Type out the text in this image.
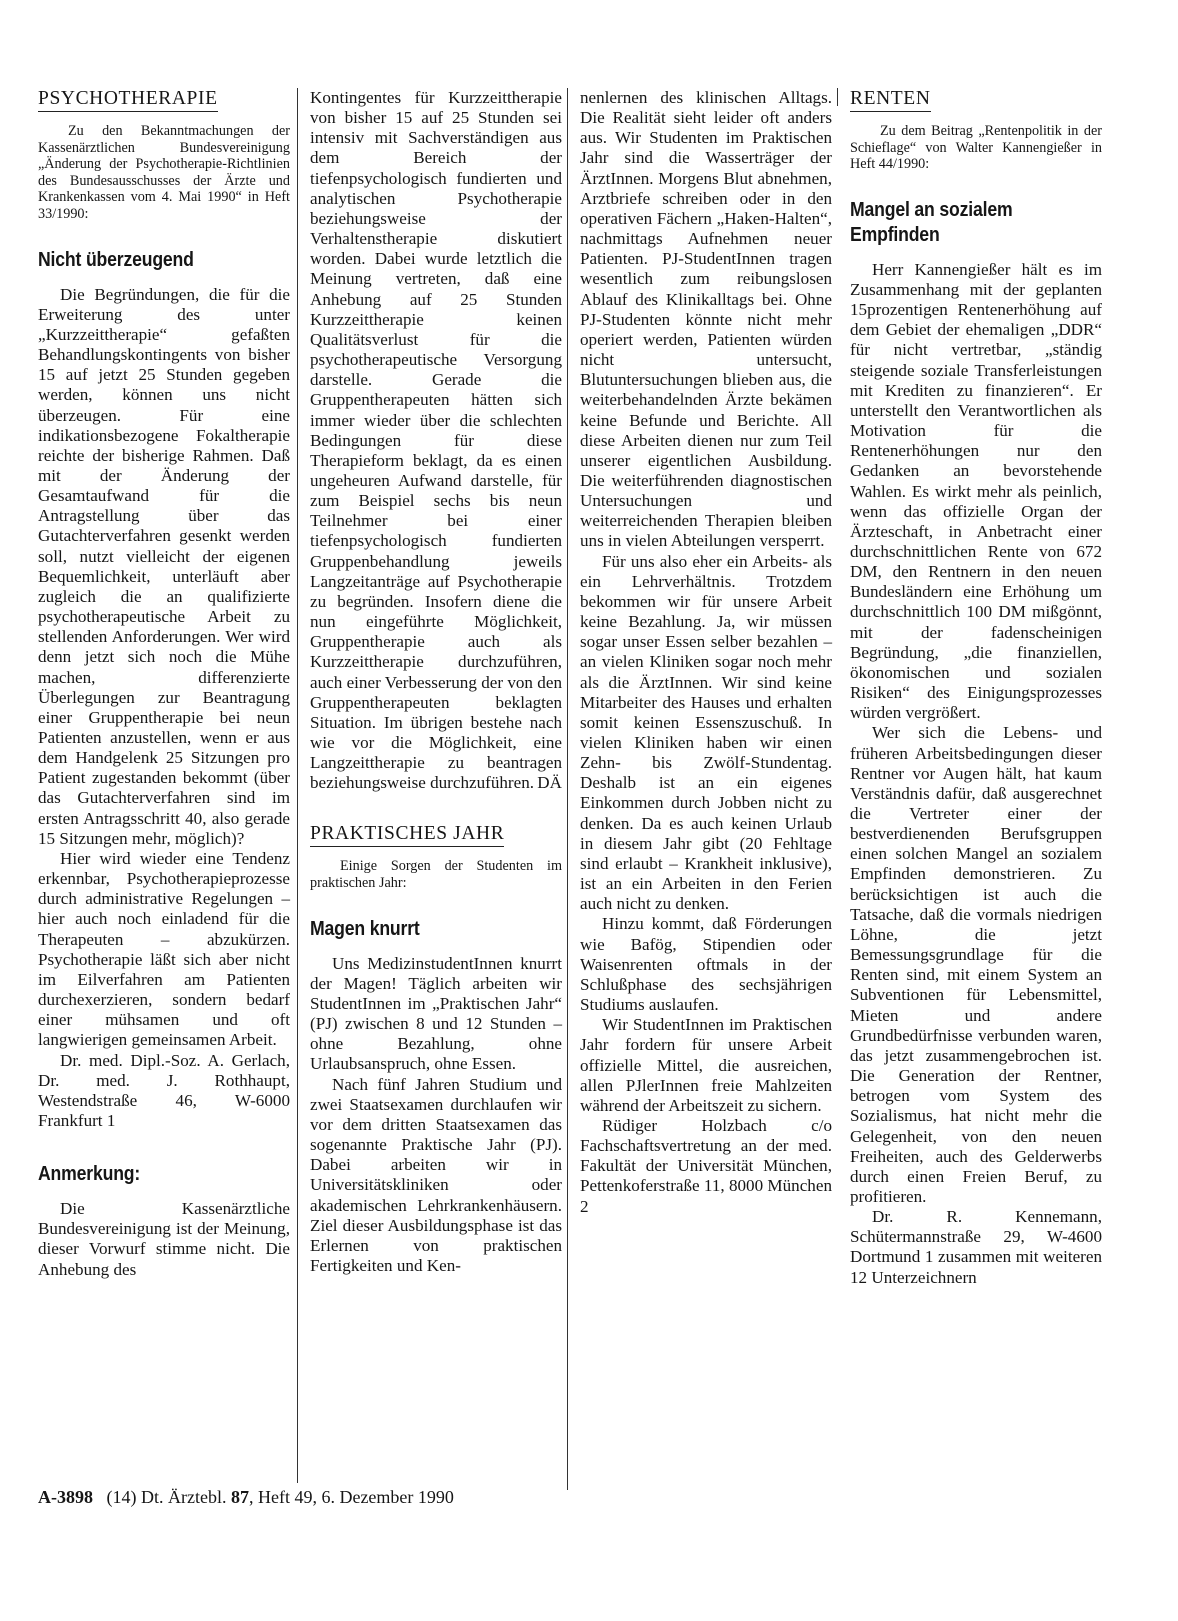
PSYCHOTHERAPIE

Zu den Bekanntmachungen der Kassenärztlichen Bundesvereinigung „Änderung der Psychotherapie-Richtlinien des Bundesausschusses der Ärzte und Krankenkassen vom 4. Mai 1990“ in Heft 33/1990:

Nicht überzeugend

Die Begründungen, die für die Erweiterung des unter „Kurzzeittherapie“ gefaßten Behandlungskontingents von bisher 15 auf jetzt 25 Stunden gegeben werden, können uns nicht überzeugen. Für eine indikationsbezogene Fokaltherapie reichte der bisherige Rahmen. Daß mit der Änderung der Gesamtaufwand für die Antragstellung über das Gutachterverfahren gesenkt werden soll, nutzt vielleicht der eigenen Bequemlichkeit, unterläuft aber zugleich die an qualifizierte psychotherapeutische Arbeit zu stellenden Anforderungen. Wer wird denn jetzt sich noch die Mühe machen, differenzierte Überlegungen zur Beantragung einer Gruppentherapie bei neun Patienten anzustellen, wenn er aus dem Handgelenk 25 Sitzungen pro Patient zugestanden bekommt (über das Gutachterverfahren sind im ersten Antragsschritt 40, also gerade 15 Sitzungen mehr, möglich)?

Hier wird wieder eine Tendenz erkennbar, Psychotherapieprozesse durch administrative Regelungen – hier auch noch einladend für die Therapeuten – abzukürzen. Psychotherapie läßt sich aber nicht im Eilverfahren am Patienten durchexerzieren, sondern bedarf einer mühsamen und oft langwierigen gemeinsamen Arbeit.

Dr. med. Dipl.-Soz. A. Gerlach, Dr. med. J. Rothhaupt, Westendstraße 46, W-6000 Frankfurt 1

Anmerkung:

Die Kassenärztliche Bundesvereinigung ist der Meinung, dieser Vorwurf stimme nicht. Die Anhebung des

Kontingentes für Kurzzeittherapie von bisher 15 auf 25 Stunden sei intensiv mit Sachverständigen aus dem Bereich der tiefenpsychologisch fundierten und analytischen Psychotherapie beziehungsweise der Verhaltenstherapie diskutiert worden. Dabei wurde letztlich die Meinung vertreten, daß eine Anhebung auf 25 Stunden Kurzzeittherapie keinen Qualitätsverlust für die psychotherapeutische Versorgung darstelle. Gerade die Gruppentherapeuten hätten sich immer wieder über die schlechten Bedingungen für diese Therapieform beklagt, da es einen ungeheuren Aufwand darstelle, für zum Beispiel sechs bis neun Teilnehmer bei einer tiefenpsychologisch fundierten Gruppenbehandlung jeweils Langzeitanträge auf Psychotherapie zu begründen. Insofern diene die nun eingeführte Möglichkeit, Gruppentherapie auch als Kurzzeittherapie durchzuführen, auch einer Verbesserung der von den Gruppentherapeuten beklagten Situation. Im übrigen bestehe nach wie vor die Möglichkeit, eine Langzeittherapie zu beantragen beziehungsweise durchzuführen. DÄ
PRAKTISCHES JAHR

Einige Sorgen der Studenten im praktischen Jahr:

Magen knurrt

Uns MedizinstudentInnen knurrt der Magen! Täglich arbeiten wir StudentInnen im „Praktischen Jahr“ (PJ) zwischen 8 und 12 Stunden – ohne Bezahlung, ohne Urlaubsanspruch, ohne Essen.

Nach fünf Jahren Studium und zwei Staatsexamen durchlaufen wir vor dem dritten Staatsexamen das sogenannte Praktische Jahr (PJ). Dabei arbeiten wir in Universitätskliniken oder akademischen Lehrkrankenhäusern. Ziel dieser Ausbildungsphase ist das Erlernen von praktischen Fertigkeiten und Ken-

nenlernen des klinischen Alltags. Die Realität sieht leider oft anders aus. Wir Studenten im Praktischen Jahr sind die Wasserträger der ÄrztInnen. Morgens Blut abnehmen, Arztbriefe schreiben oder in den operativen Fächern „Haken-Halten“, nachmittags Aufnehmen neuer Patienten. PJ-StudentInnen tragen wesentlich zum reibungslosen Ablauf des Klinikalltags bei. Ohne PJ-Studenten könnte nicht mehr operiert werden, Patienten würden nicht untersucht, Blutuntersuchungen blieben aus, die weiterbehandelnden Ärzte bekämen keine Befunde und Berichte. All diese Arbeiten dienen nur zum Teil unserer eigentlichen Ausbildung. Die weiterführenden diagnostischen Untersuchungen und weiterreichenden Therapien bleiben uns in vielen Abteilungen versperrt.

Für uns also eher ein Arbeits- als ein Lehrverhältnis. Trotzdem bekommen wir für unsere Arbeit keine Bezahlung. Ja, wir müssen sogar unser Essen selber bezahlen – an vielen Kliniken sogar noch mehr als die ÄrztInnen. Wir sind keine Mitarbeiter des Hauses und erhalten somit keinen Essenszuschuß. In vielen Kliniken haben wir einen Zehn- bis Zwölf-Stundentag. Deshalb ist an ein eigenes Einkommen durch Jobben nicht zu denken. Da es auch keinen Urlaub in diesem Jahr gibt (20 Fehltage sind erlaubt – Krankheit inklusive), ist an ein Arbeiten in den Ferien auch nicht zu denken.

Hinzu kommt, daß Förderungen wie Bafög, Stipendien oder Waisenrenten oftmals in der Schlußphase des sechsjährigen Studiums auslaufen.

Wir StudentInnen im Praktischen Jahr fordern für unsere Arbeit offizielle Mittel, die ausreichen, allen PJlerInnen freie Mahlzeiten während der Arbeitszeit zu sichern.

Rüdiger Holzbach c/o Fachschaftsvertretung an der med. Fakultät der Universität München, Pettenkoferstraße 11, 8000 München 2

RENTEN

Zu dem Beitrag „Rentenpolitik in der Schieflage“ von Walter Kannengießer in Heft 44/1990:

Mangel an sozialem Empfinden

Herr Kannengießer hält es im Zusammenhang mit der geplanten 15prozentigen Rentenerhöhung auf dem Gebiet der ehemaligen „DDR“ für nicht vertretbar, „ständig steigende soziale Transferleistungen mit Krediten zu finanzieren“. Er unterstellt den Verantwortlichen als Motivation für die Rentenerhöhungen nur den Gedanken an bevorstehende Wahlen. Es wirkt mehr als peinlich, wenn das offizielle Organ der Ärzteschaft, in Anbetracht einer durchschnittlichen Rente von 672 DM, den Rentnern in den neuen Bundesländern eine Erhöhung um durchschnittlich 100 DM mißgönnt, mit der fadenscheinigen Begründung, „die finanziellen, ökonomischen und sozialen Risiken“ des Einigungsprozesses würden vergrößert.

Wer sich die Lebens- und früheren Arbeitsbedingungen dieser Rentner vor Augen hält, hat kaum Verständnis dafür, daß ausgerechnet die Vertreter einer der bestverdienenden Berufsgruppen einen solchen Mangel an sozialem Empfinden demonstrieren. Zu berücksichtigen ist auch die Tatsache, daß die vormals niedrigen Löhne, die jetzt Bemessungsgrundlage für die Renten sind, mit einem System an Subventionen für Lebensmittel, Mieten und andere Grundbedürfnisse verbunden waren, das jetzt zusammengebrochen ist. Die Generation der Rentner, betrogen vom System des Sozialismus, hat nicht mehr die Gelegenheit, von den neuen Freiheiten, auch des Gelderwerbs durch einen Freien Beruf, zu profitieren.

Dr. R. Kennemann, Schütermannstraße 29, W-4600 Dortmund 1 zusammen mit weiteren 12 Unterzeichnern

A-3898 (14) Dt. Ärztebl. 87, Heft 49, 6. Dezember 1990
